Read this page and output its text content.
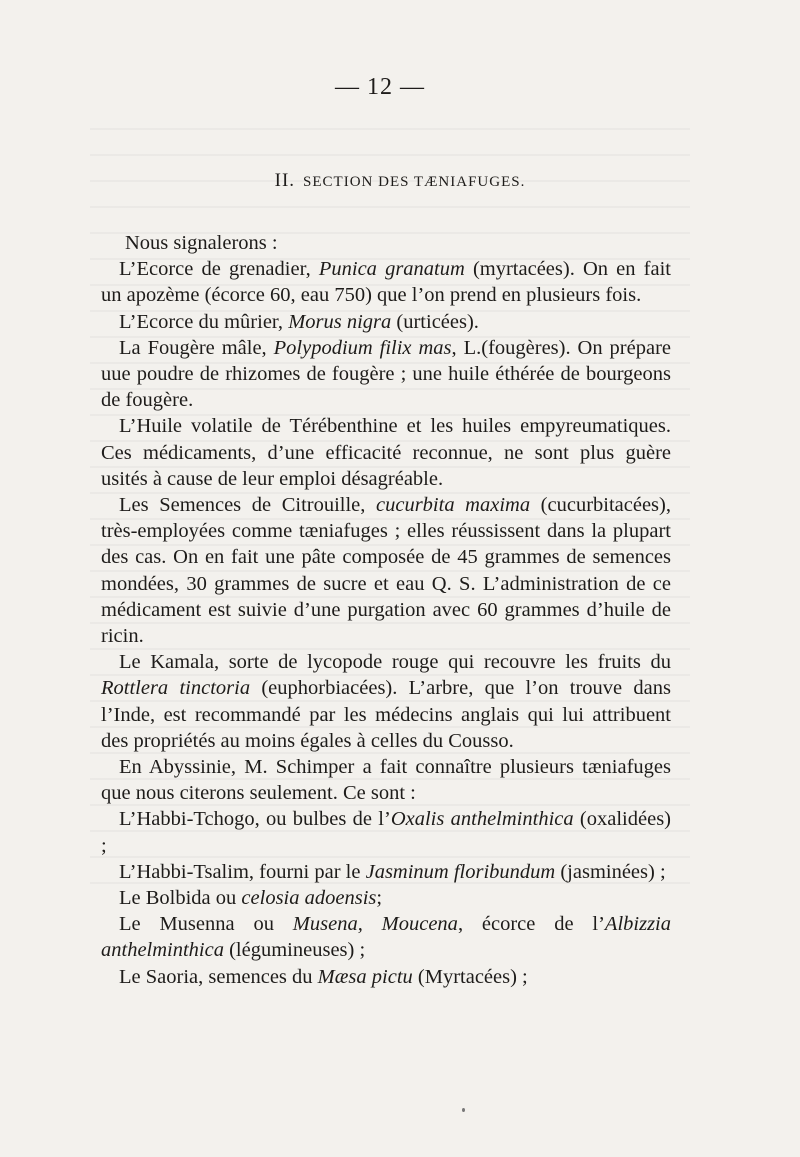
— 12 —
II. SECTION DES TÆNIAFUGES.

Nous signalerons :

L’Ecorce de grenadier, Punica granatum (myrtacées). On en fait un apozème (écorce 60, eau 750) que l’on prend en plusieurs fois.

L’Ecorce du mûrier, Morus nigra (urticées).

La Fougère mâle, Polypodium filix mas, L.(fougères). On prépare uue poudre de rhizomes de fougère ; une huile éthérée de bourgeons de fougère.

L’Huile volatile de Térébenthine et les huiles empyreumatiques. Ces médicaments, d’une efficacité reconnue, ne sont plus guère usités à cause de leur emploi désagréable.

Les Semences de Citrouille, cucurbita maxima (cucurbitacées), très-employées comme tæniafuges ; elles réussissent dans la plupart des cas. On en fait une pâte composée de 45 grammes de semences mondées, 30 grammes de sucre et eau Q. S. L’administration de ce médicament est suivie d’une purgation avec 60 grammes d’huile de ricin.

Le Kamala, sorte de lycopode rouge qui recouvre les fruits du Rottlera tinctoria (euphorbiacées). L’arbre, que l’on trouve dans l’Inde, est recommandé par les médecins anglais qui lui attribuent des propriétés au moins égales à celles du Cousso.

En Abyssinie, M. Schimper a fait connaître plusieurs tæniafuges que nous citerons seulement. Ce sont :

L’Habbi-Tchogo, ou bulbes de l’Oxalis anthelminthica (oxalidées) ;

L’Habbi-Tsalim, fourni par le Jasminum floribundum (jasminées) ;

Le Bolbida ou celosia adoensis;

Le Musenna ou Musena, Moucena, écorce de l’Albizzia anthelminthica (légumineuses) ;

Le Saoria, semences du Mæsa pictu (Myrtacées) ;
